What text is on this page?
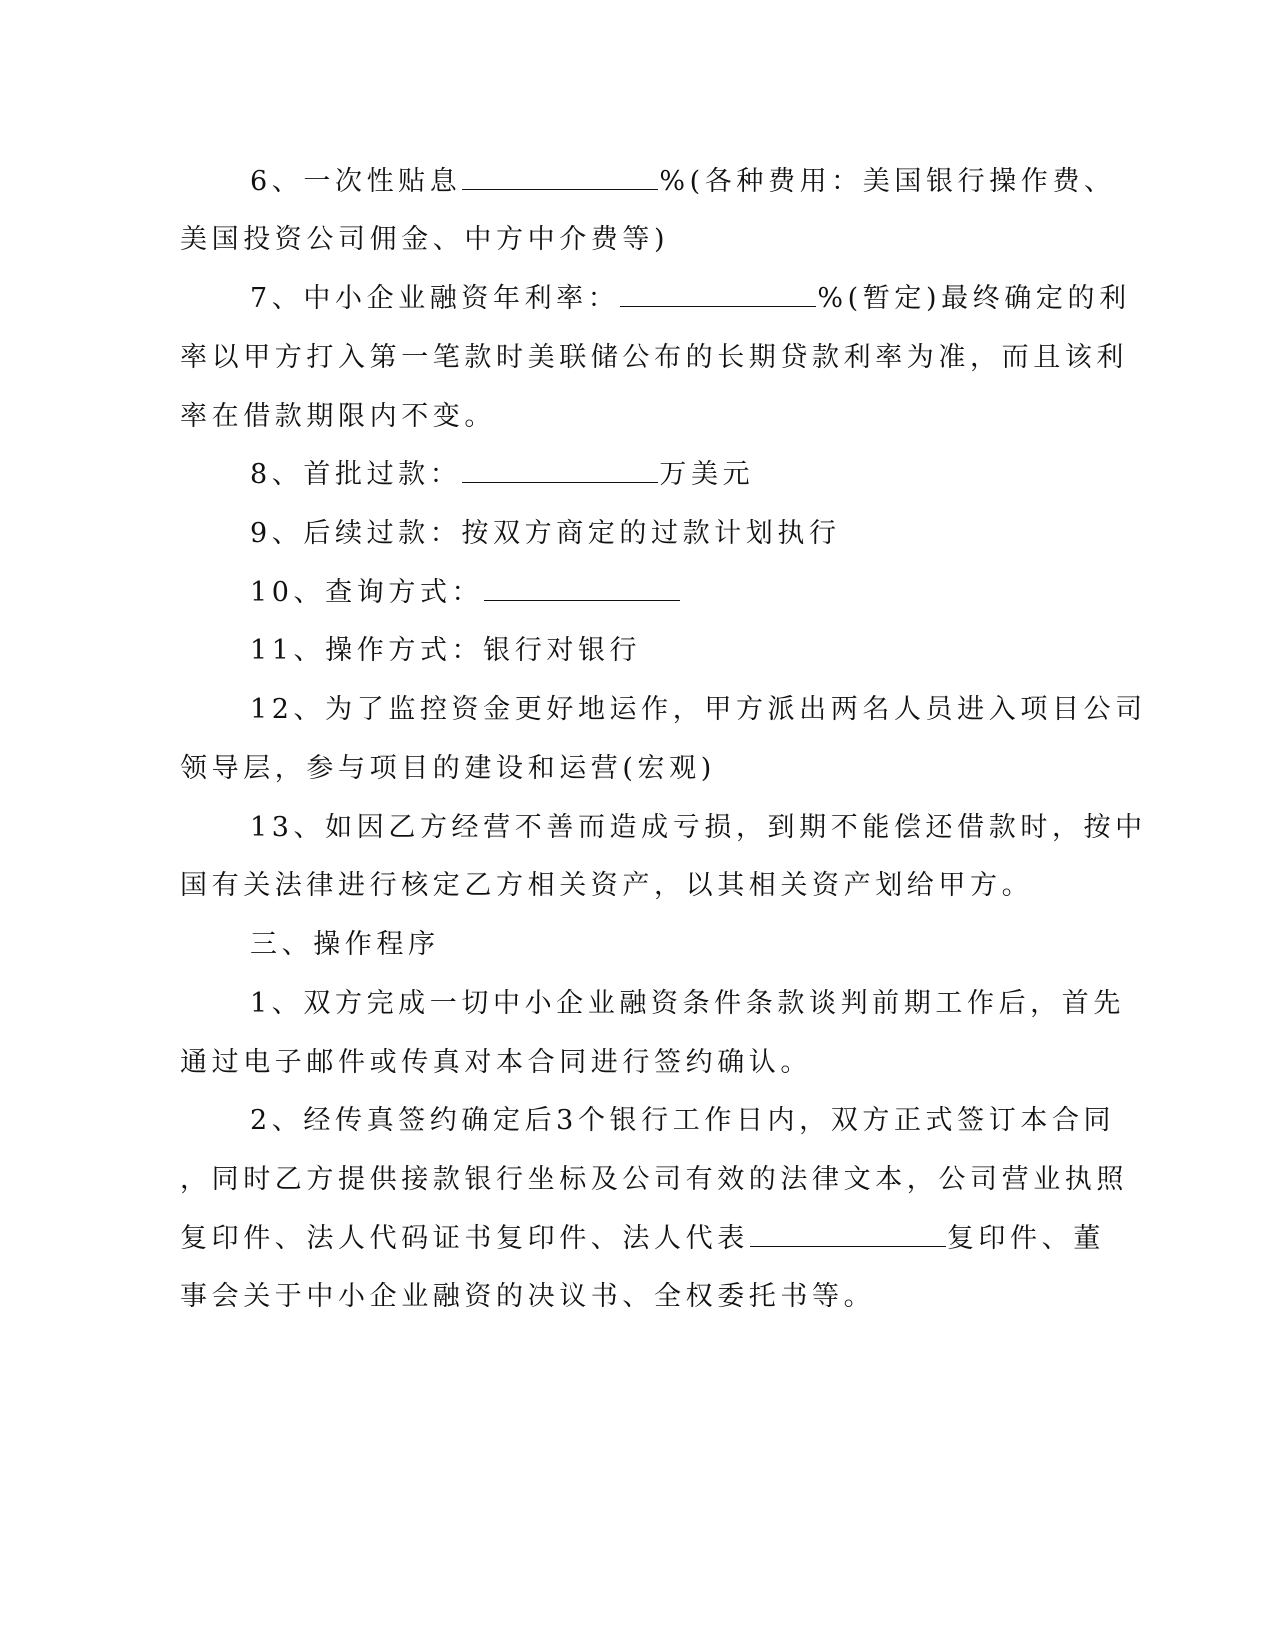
6、一次性贴息	%(各种费用：美国银行操作费、
美国投资公司佣金、中方中介费等)
7、中小企业融资年利率：	%(暂定)最终确定的利
率以甲方打入第一笔款时美联储公布的长期贷款利率为准，而且该利
率在借款期限内不变。
8、首批过款：	万美元
9、后续过款：按双方商定的过款计划执行
10、查询方式：
11、操作方式：银行对银行
12、为了监控资金更好地运作，甲方派出两名人员进入项目公司
领导层，参与项目的建设和运营(宏观)
13、如因乙方经营不善而造成亏损，到期不能偿还借款时，按中
国有关法律进行核定乙方相关资产，以其相关资产划给甲方。
三、操作程序
1、双方完成一切中小企业融资条件条款谈判前期工作后，首先
通过电子邮件或传真对本合同进行签约确认。
2、经传真签约确定后3个银行工作日内，双方正式签订本合同
，同时乙方提供接款银行坐标及公司有效的法律文本，公司营业执照
复印件、法人代码证书复印件、法人代表	复印件、董
事会关于中小企业融资的决议书、全权委托书等。
